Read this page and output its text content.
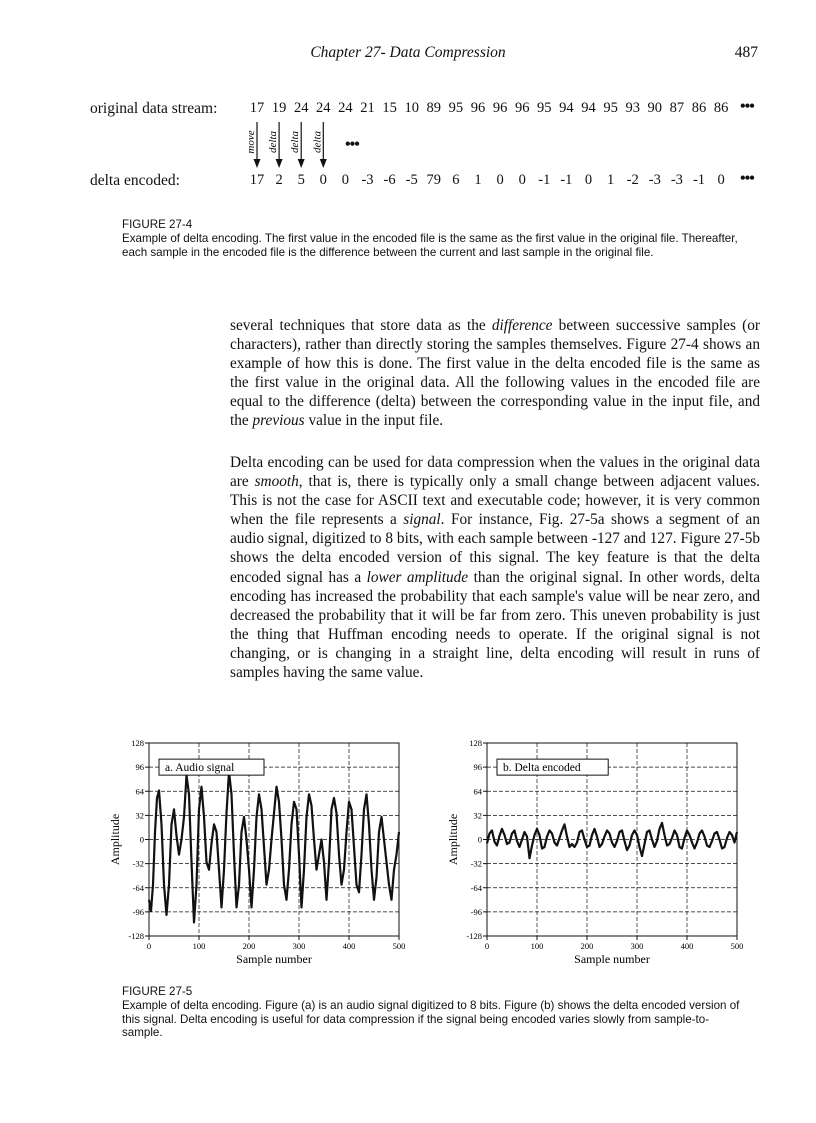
Chapter 27- Data Compression	487
original data stream: 17 19 24 24 24 21 15 10 89 95 96 96 96 95 94 94 95 93 90 87 86 86 •••
move delta delta delta •••
delta encoded:	17 2 5 0 0 -3 -6 -5 79 6 1 0 0 -1 -1 0 1 -2 -3 -3 -1 0 •••
FIGURE 27-4
Example of delta encoding. The first value in the encoded file is the same as the first value in the original file. Thereafter, each sample in the encoded file is the difference between the current and last sample in the original file.

several techniques that store data as the difference between successive samples (or characters), rather than directly storing the samples themselves. Figure 27-4 shows an example of how this is done. The first value in the delta encoded file is the same as the first value in the original data. All the following values in the encoded file are equal to the difference (delta) between the corresponding value in the input file, and the previous value in the input file.

Delta encoding can be used for data compression when the values in the original data are smooth, that is, there is typically only a small change between adjacent values. This is not the case for ASCII text and executable code; however, it is very common when the file represents a signal. For instance, Fig. 27-5a shows a segment of an audio signal, digitized to 8 bits, with each sample between -127 and 127. Figure 27-5b shows the delta encoded version of this signal. The key feature is that the delta encoded signal has a lower amplitude than the original signal. In other words, delta encoding has increased the probability that each sample's value will be near zero, and decreased the probability that it will be far from zero. This uneven probability is just the thing that Huffman encoding needs to operate. If the original signal is not changing, or is changing in a straight line, delta encoding will result in runs of samples having the same value.

128
96
64
32
0
-32
-64
-96
-128
0	100	200	300	400	500
a. Audio signal
Sample number
Amplitude
128
96
64
32
0
-32
-64
-96
-128
0	100	200	300	400	500
b. Delta encoded
Sample number
Amplitude
FIGURE 27-5
Example of delta encoding. Figure (a) is an audio signal digitized to 8 bits. Figure (b) shows the delta encoded version of this signal. Delta encoding is useful for data compression if the signal being encoded varies slowly from sample-to-sample.
